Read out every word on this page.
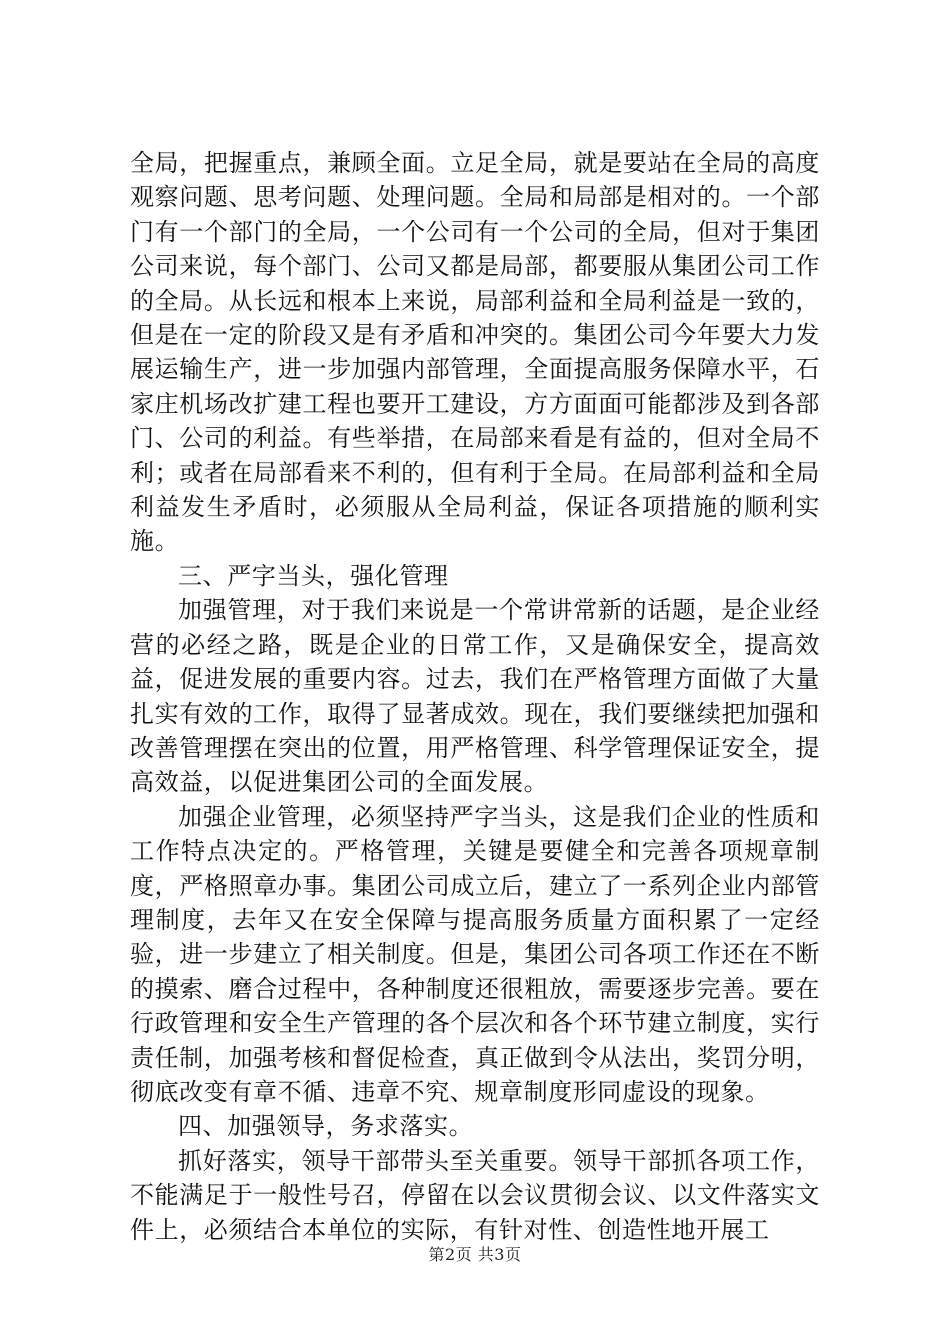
全局，把握重点，兼顾全面。立足全局，就是要站在全局的高度观察问题、思考问题、处理问题。全局和局部是相对的。一个部门有一个部门的全局，一个公司有一个公司的全局，但对于集团公司来说，每个部门、公司又都是局部，都要服从集团公司工作的全局。从长远和根本上来说，局部利益和全局利益是一致的，但是在一定的阶段又是有矛盾和冲突的。集团公司今年要大力发展运输生产，进一步加强内部管理，全面提高服务保障水平，石家庄机场改扩建工程也要开工建设，方方面面可能都涉及到各部门、公司的利益。有些举措，在局部来看是有益的，但对全局不利；或者在局部看来不利的，但有利于全局。在局部利益和全局利益发生矛盾时，必须服从全局利益，保证各项措施的顺利实施。

三、严字当头，强化管理

加强管理，对于我们来说是一个常讲常新的话题，是企业经营的必经之路，既是企业的日常工作，又是确保安全，提高效益，促进发展的重要内容。过去，我们在严格管理方面做了大量扎实有效的工作，取得了显著成效。现在，我们要继续把加强和改善管理摆在突出的位置，用严格管理、科学管理保证安全，提高效益，以促进集团公司的全面发展。

加强企业管理，必须坚持严字当头，这是我们企业的性质和工作特点决定的。严格管理，关键是要健全和完善各项规章制度，严格照章办事。集团公司成立后，建立了一系列企业内部管理制度，去年又在安全保障与提高服务质量方面积累了一定经验，进一步建立了相关制度。但是，集团公司各项工作还在不断的摸索、磨合过程中，各种制度还很粗放，需要逐步完善。要在行政管理和安全生产管理的各个层次和各个环节建立制度，实行责任制，加强考核和督促检查，真正做到令从法出，奖罚分明，彻底改变有章不循、违章不究、规章制度形同虚设的现象。

四、加强领导，务求落实。

抓好落实，领导干部带头至关重要。领导干部抓各项工作，不能满足于一般性号召，停留在以会议贯彻会议、以文件落实文件上，必须结合本单位的实际，有针对性、创造性地开展工

第2页 共3页
